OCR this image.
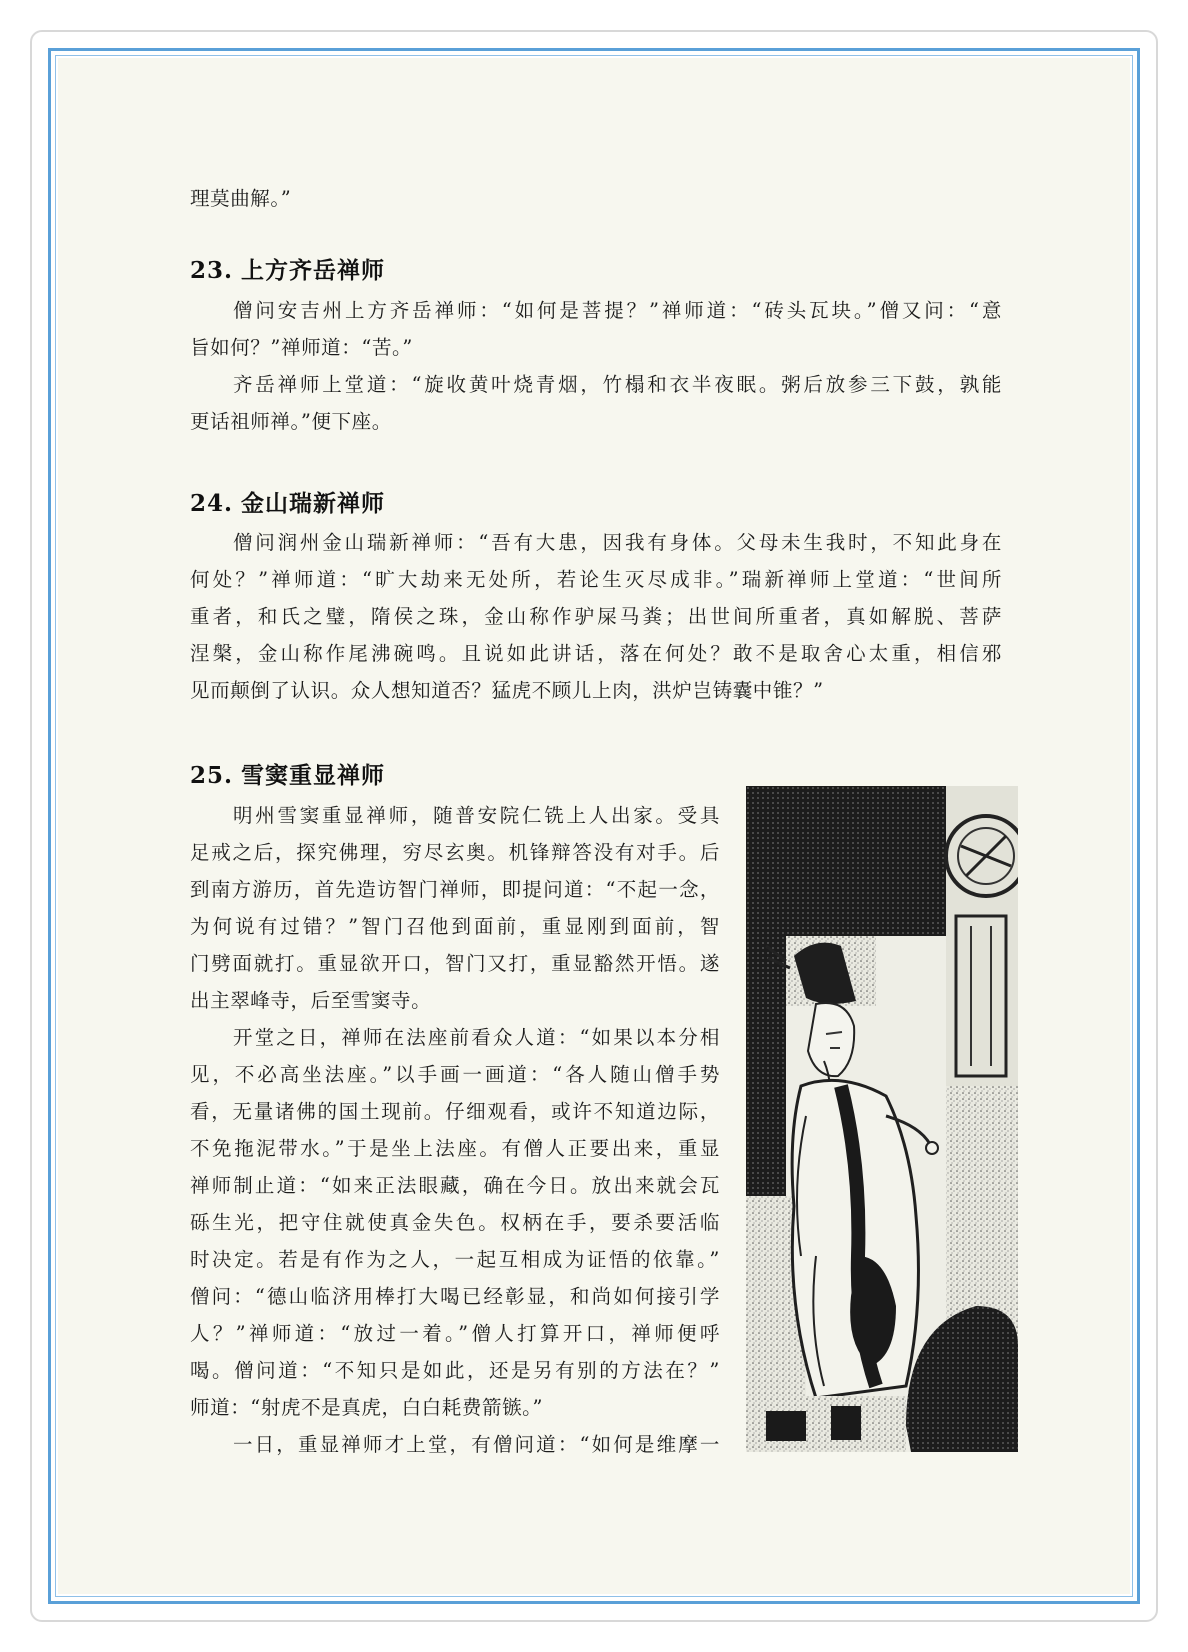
理莫曲解。”
23. 上方齐岳禅师
僧问安吉州上方齐岳禅师：“如何是菩提？”禅师道：“砖头瓦块。”僧又问：“意
旨如何？”禅师道：“苦。”
齐岳禅师上堂道：“旋收黄叶烧青烟，竹榻和衣半夜眠。粥后放参三下鼓，孰能
更话祖师禅。”便下座。
24. 金山瑞新禅师
僧问润州金山瑞新禅师：“吾有大患，因我有身体。父母未生我时，不知此身在
何处？”禅师道：“旷大劫来无处所，若论生灭尽成非。”瑞新禅师上堂道：“世间所
重者，和氏之璧，隋侯之珠，金山称作驴屎马粪；出世间所重者，真如解脱、菩萨
涅槃，金山称作尾沸碗鸣。且说如此讲话，落在何处？敢不是取舍心太重，相信邪
见而颠倒了认识。众人想知道否？猛虎不顾儿上肉，洪炉岂铸囊中锥？”
25. 雪窦重显禅师
明州雪窦重显禅师，随普安院仁铣上人出家。受具
足戒之后，探究佛理，穷尽玄奥。机锋辩答没有对手。后
到南方游历，首先造访智门禅师，即提问道：“不起一念，
为何说有过错？”智门召他到面前，重显刚到面前，智
门劈面就打。重显欲开口，智门又打，重显豁然开悟。遂
出主翠峰寺，后至雪窦寺。
开堂之日，禅师在法座前看众人道：“如果以本分相
见，不必高坐法座。”以手画一画道：“各人随山僧手势
看，无量诸佛的国土现前。仔细观看，或许不知道边际，
不免拖泥带水。”于是坐上法座。有僧人正要出来，重显
禅师制止道：“如来正法眼藏，确在今日。放出来就会瓦
砾生光，把守住就使真金失色。权柄在手，要杀要活临
时决定。若是有作为之人，一起互相成为证悟的依靠。”
僧问：“德山临济用棒打大喝已经彰显，和尚如何接引学
人？”禅师道：“放过一着。”僧人打算开口，禅师便呼
喝。僧问道：“不知只是如此，还是另有别的方法在？”
师道：“射虎不是真虎，白白耗费箭镞。”
一日，重显禅师才上堂，有僧问道：“如何是维摩一
